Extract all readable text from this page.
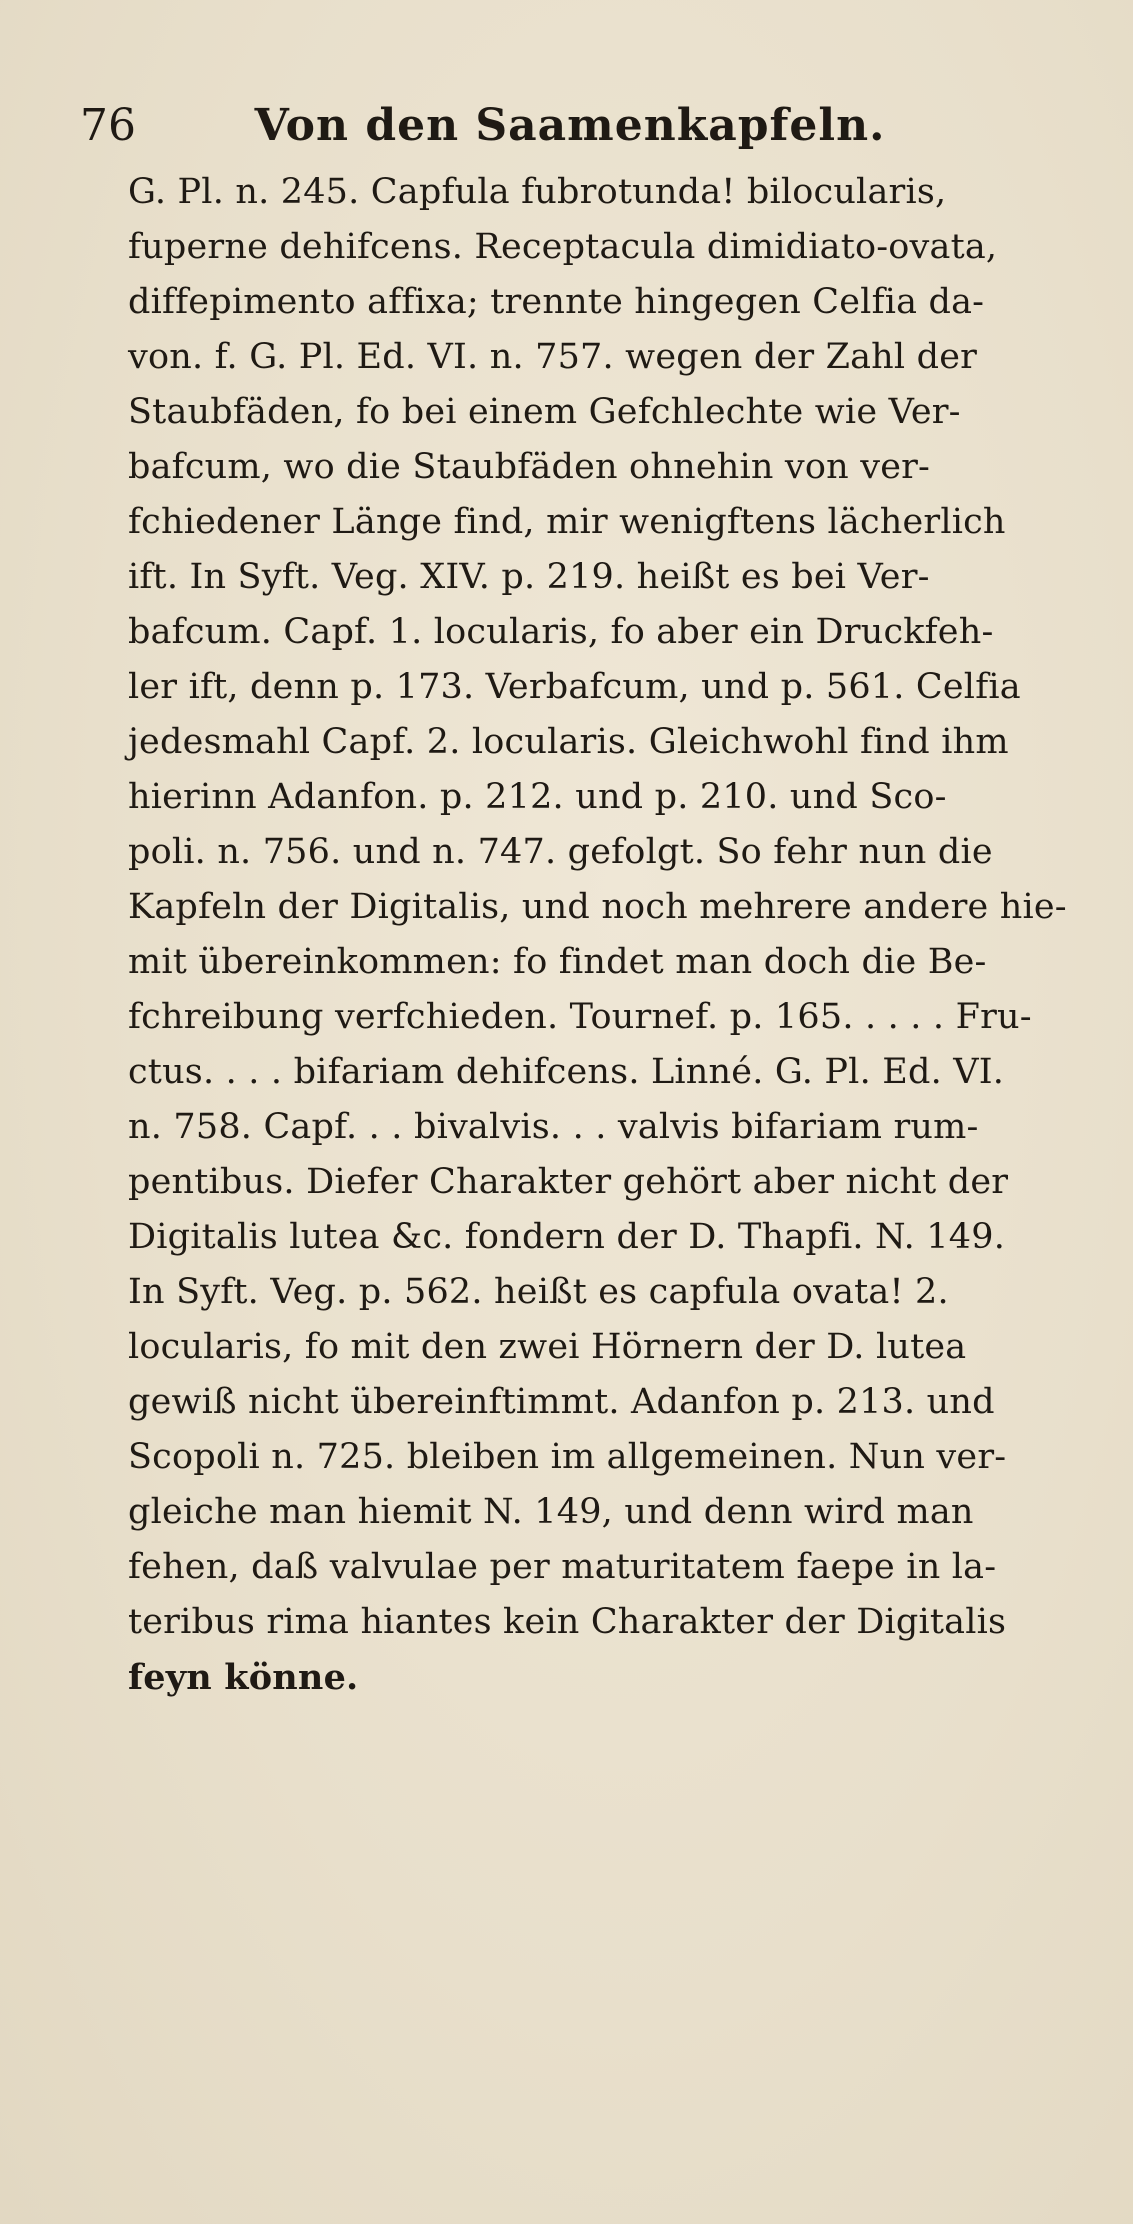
76	Von den Saamenkapfeln.
G. Pl. n. 245. Capfula fubrotunda! bilocularis,
fuperne dehifcens. Receptacula dimidiato-ovata,
diffepimento affixa; trennte hingegen Celfia da-
von. f. G. Pl. Ed. VI. n. 757. wegen der Zahl der
Staubfäden, fo bei einem Gefchlechte wie Ver-
bafcum, wo die Staubfäden ohnehin von ver-
fchiedener Länge find, mir wenigftens lächerlich
ift. In Syft. Veg. XIV. p. 219. heißt es bei Ver-
bafcum. Capf. 1. locularis, fo aber ein Druckfeh-
ler ift, denn p. 173. Verbafcum, und p. 561. Celfia
jedesmahl Capf. 2. locularis. Gleichwohl find ihm
hierinn Adanfon. p. 212. und p. 210. und Sco-
poli. n. 756. und n. 747. gefolgt. So fehr nun die
Kapfeln der Digitalis, und noch mehrere andere hie-
mit übereinkommen: fo findet man doch die Be-
fchreibung verfchieden. Tournef. p. 165. . . . . Fru-
ctus. . . . bifariam dehifcens. Linné. G. Pl. Ed. VI.
n. 758. Capf. . . bivalvis. . . valvis bifariam rum-
pentibus. Diefer Charakter gehört aber nicht der
Digitalis lutea &c. fondern der D. Thapfi. N. 149.
In Syft. Veg. p. 562. heißt es capfula ovata! 2.
locularis, fo mit den zwei Hörnern der D. lutea
gewiß nicht übereinftimmt. Adanfon p. 213. und
Scopoli n. 725. bleiben im allgemeinen. Nun ver-
gleiche man hiemit N. 149, und denn wird man
fehen, daß valvulae per maturitatem faepe in la-
teribus rima hiantes kein Charakter der Digitalis
feyn könne.
